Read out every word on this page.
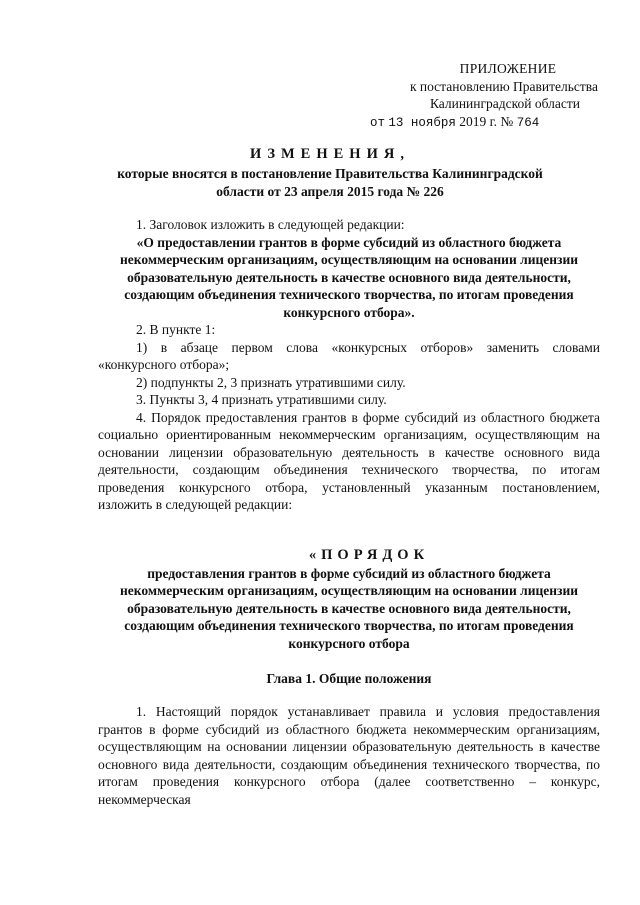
ПРИЛОЖЕНИЕ
к постановлению Правительства
Калининградской области
от 13 ноября 2019 г. № 764
ИЗМЕНЕНИЯ,
которые вносятся в постановление Правительства Калининградской
области от 23 апреля 2015 года № 226
1. Заголовок изложить в следующей редакции:
«О предоставлении грантов в форме субсидий из областного бюджета некоммерческим организациям, осуществляющим на основании лицензии образовательную деятельность в качестве основного вида деятельности, создающим объединения технического творчества, по итогам проведения конкурсного отбора».
2. В пункте 1:
1) в абзаце первом слова «конкурсных отборов» заменить словами «конкурсного отбора»;
2) подпункты 2, 3 признать утратившими силу.
3. Пункты 3, 4 признать утратившими силу.
4. Порядок предоставления грантов в форме субсидий из областного бюджета социально ориентированным некоммерческим организациям, осуществляющим на основании лицензии образовательную деятельность в качестве основного вида деятельности, создающим объединения технического творчества, по итогам проведения конкурсного отбора, установленный указанным постановлением, изложить в следующей редакции:
«ПОРЯДОК
предоставления грантов в форме субсидий из областного бюджета некоммерческим организациям, осуществляющим на основании лицензии образовательную деятельность в качестве основного вида деятельности, создающим объединения технического творчества, по итогам проведения конкурсного отбора
Глава 1. Общие положения
1. Настоящий порядок устанавливает правила и условия предоставления грантов в форме субсидий из областного бюджета некоммерческим организациям, осуществляющим на основании лицензии образовательную деятельность в качестве основного вида деятельности, создающим объединения технического творчества, по итогам проведения конкурсного отбора (далее соответственно – конкурс, некоммерческая
